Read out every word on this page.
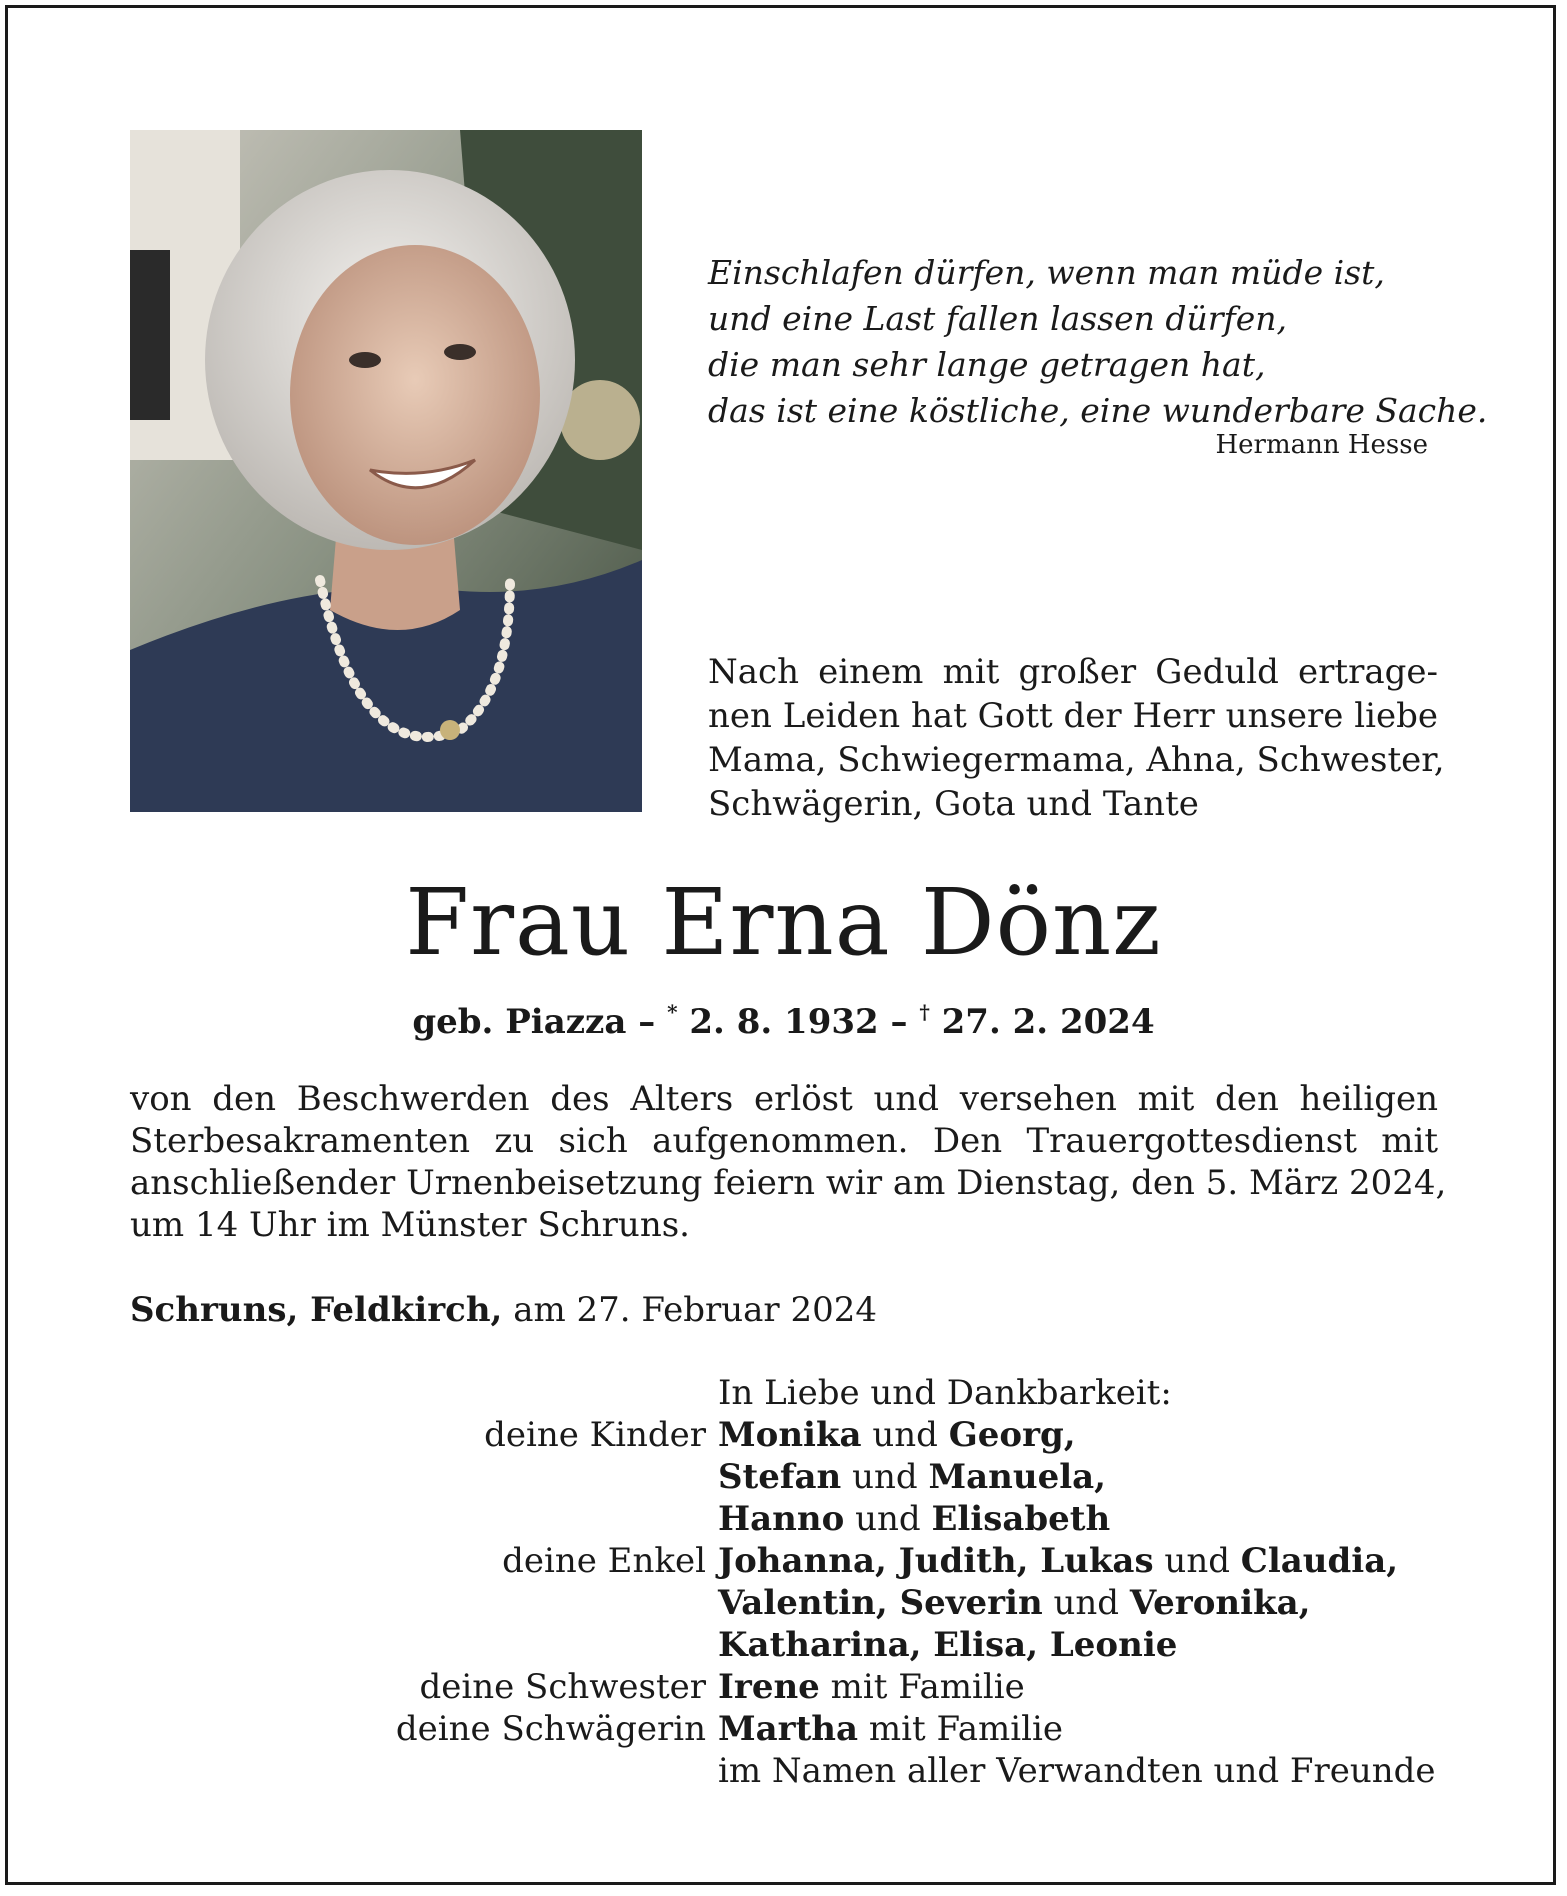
Einschlafen dürfen, wenn man müde ist,
und eine Last fallen lassen dürfen,
die man sehr lange getragen hat,
das ist eine köstliche, eine wunderbare Sache.
Hermann Hesse
Nach einem mit großer Geduld ertrage-
nen Leiden hat Gott der Herr unsere liebe
Mama, Schwiegermama, Ahna, Schwester,
Schwägerin, Gota und Tante
Frau Erna Dönz
geb. Piazza – * 2. 8. 1932 – † 27. 2. 2024
von den Beschwerden des Alters erlöst und versehen mit den heiligen
Sterbesakramenten zu sich aufgenommen. Den Trauergottesdienst mit
anschließender Urnenbeisetzung feiern wir am Dienstag, den 5. März 2024,
um 14 Uhr im Münster Schruns.
Schruns, Feldkirch, am 27. Februar 2024
In Liebe und Dankbarkeit:
deine Kinder Monika und Georg,
Stefan und Manuela,
Hanno und Elisabeth
deine Enkel Johanna, Judith, Lukas und Claudia,
Valentin, Severin und Veronika,
Katharina, Elisa, Leonie
deine Schwester Irene mit Familie
deine Schwägerin Martha mit Familie
im Namen aller Verwandten und Freunde
